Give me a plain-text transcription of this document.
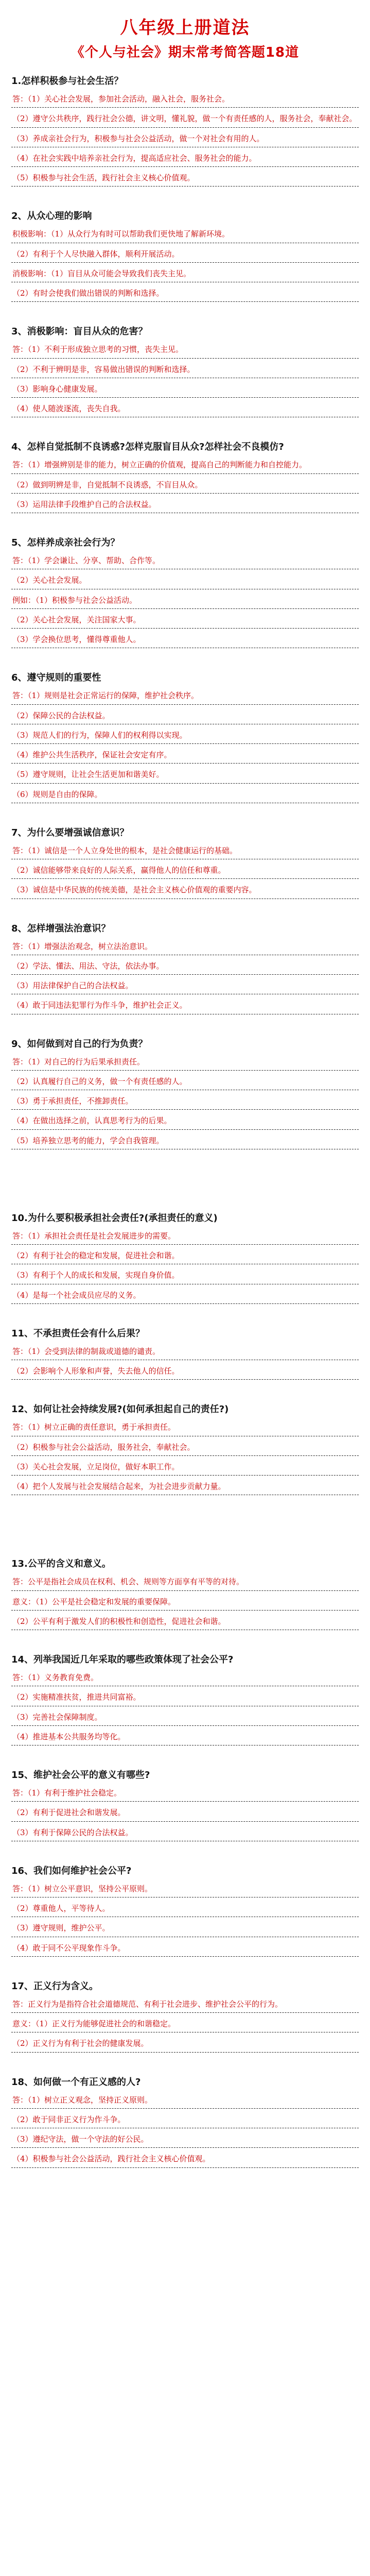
八年级上册道法
《个人与社会》期末常考简答题18道
1.怎样积极参与社会生活？
答：（1）关心社会发展，参加社会活动，融入社会，服务社会。
（2）遵守公共秩序，践行社会公德，讲文明，懂礼貌，做一个有责任感的人，服务社会，奉献社会。
（3）养成亲社会行为，积极参与社会公益活动，做一个对社会有用的人。
（4）在社会实践中培养亲社会行为，提高适应社会、服务社会的能力。
（5）积极参与社会生活，践行社会主义核心价值观。
2、从众心理的影响
积极影响：（1）从众行为有时可以帮助我们更快地了解新环境。
（2）有利于个人尽快融入群体，顺利开展活动。
消极影响：（1）盲目从众可能会导致我们丧失主见。
（2）有时会使我们做出错误的判断和选择。
3、消极影响：盲目从众的危害？
答：（1）不利于形成独立思考的习惯，丧失主见。
（2）不利于辨明是非，容易做出错误的判断和选择。
（3）影响身心健康发展。
（4）使人随波逐流，丧失自我。
4、怎样自觉抵制不良诱惑?怎样克服盲目从众?怎样社会不良模仿?
答：（1）增强辨别是非的能力，树立正确的价值观，提高自己的判断能力和自控能力。
（2）做到明辨是非，自觉抵制不良诱惑，不盲目从众。
（3）运用法律手段维护自己的合法权益。
5、怎样养成亲社会行为？
答：（1）学会谦让、分享、帮助、合作等。
（2）关心社会发展。
例如：（1）积极参与社会公益活动。
（2）关心社会发展，关注国家大事。
（3）学会换位思考，懂得尊重他人。
6、遵守规则的重要性
答：（1）规则是社会正常运行的保障，维护社会秩序。
（2）保障公民的合法权益。
（3）规范人们的行为，保障人们的权利得以实现。
（4）维护公共生活秩序，保证社会安定有序。
（5）遵守规则，让社会生活更加和谐美好。
（6）规则是自由的保障。
7、为什么要增强诚信意识？
答：（1）诚信是一个人立身处世的根本，是社会健康运行的基础。
（2）诚信能够带来良好的人际关系，赢得他人的信任和尊重。
（3）诚信是中华民族的传统美德，是社会主义核心价值观的重要内容。
8、怎样增强法治意识？
答：（1）增强法治观念，树立法治意识。
（2）学法、懂法、用法、守法，依法办事。
（3）用法律保护自己的合法权益。
（4）敢于同违法犯罪行为作斗争，维护社会正义。
9、如何做到对自己的行为负责？
答：（1）对自己的行为后果承担责任。
（2）认真履行自己的义务，做一个有责任感的人。
（3）勇于承担责任，不推卸责任。
（4）在做出选择之前，认真思考行为的后果。
（5）培养独立思考的能力，学会自我管理。
10.为什么要积极承担社会责任?(承担责任的意义)
答：（1）承担社会责任是社会发展进步的需要。
（2）有利于社会的稳定和发展，促进社会和谐。
（3）有利于个人的成长和发展，实现自身价值。
（4）是每一个社会成员应尽的义务。
11、不承担责任会有什么后果？
答：（1）会受到法律的制裁或道德的谴责。
（2）会影响个人形象和声誉，失去他人的信任。
12、如何让社会持续发展?(如何承担起自己的责任?)
答：（1）树立正确的责任意识，勇于承担责任。
（2）积极参与社会公益活动，服务社会，奉献社会。
（3）关心社会发展，立足岗位，做好本职工作。
（4）把个人发展与社会发展结合起来，为社会进步贡献力量。
13.公平的含义和意义。
答：公平是指社会成员在权利、机会、规则等方面享有平等的对待。
意义：（1）公平是社会稳定和发展的重要保障。
（2）公平有利于激发人们的积极性和创造性，促进社会和谐。
14、列举我国近几年采取的哪些政策体现了社会公平?
答：（1）义务教育免费。
（2）实施精准扶贫，推进共同富裕。
（3）完善社会保障制度。
（4）推进基本公共服务均等化。
15、维护社会公平的意义有哪些?
答：（1）有利于维护社会稳定。
（2）有利于促进社会和谐发展。
（3）有利于保障公民的合法权益。
16、我们如何维护社会公平?
答：（1）树立公平意识，坚持公平原则。
（2）尊重他人，平等待人。
（3）遵守规则，维护公平。
（4）敢于同不公平现象作斗争。
17、正义行为含义。
答：正义行为是指符合社会道德规范、有利于社会进步、维护社会公平的行为。
意义：（1）正义行为能够促进社会的和谐稳定。
（2）正义行为有利于社会的健康发展。
18、如何做一个有正义感的人?
答：（1）树立正义观念，坚持正义原则。
（2）敢于同非正义行为作斗争。
（3）遵纪守法，做一个守法的好公民。
（4）积极参与社会公益活动，践行社会主义核心价值观。
